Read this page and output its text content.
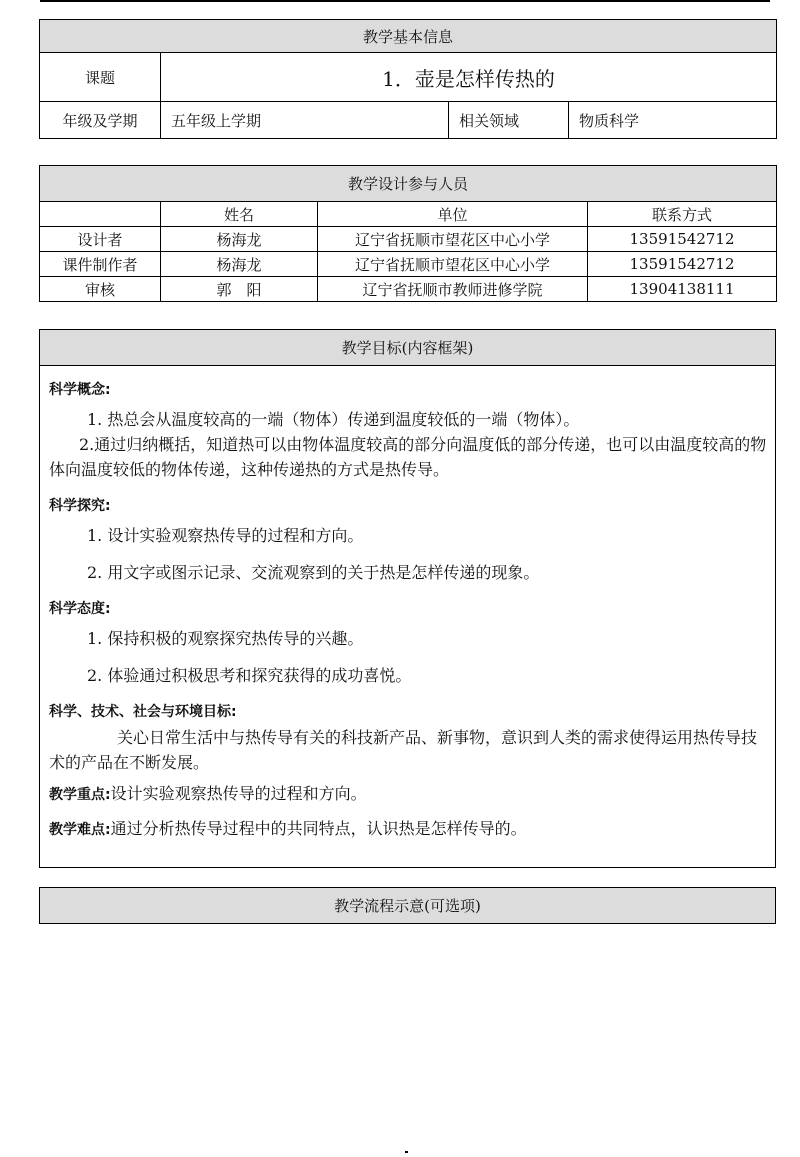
教学基本信息			
课题	1．壶是怎样传热的		
年级及学期	五年级上学期	相关领域	物质科学
教学设计参与人员			
	姓名	单位	联系方式
设计者	杨海龙	辽宁省抚顺市望花区中心小学	13591542712
课件制作者	杨海龙	辽宁省抚顺市望花区中心小学	13591542712
审核	郭　阳	辽宁省抚顺市教师进修学院	13904138111
教学目标(内容框架)

科学概念:
1. 热总会从温度较高的一端（物体）传递到温度较低的一端（物体）。
2.通过归纳概括，知道热可以由物体温度较高的部分向温度低的部分传递，也可以由温度较高的物体向温度较低的物体传递，这种传递热的方式是热传导。
科学探究:
1. 设计实验观察热传导的过程和方向。
2. 用文字或图示记录、交流观察到的关于热是怎样传递的现象。
科学态度:
1. 保持积极的观察探究热传导的兴趣。
2. 体验通过积极思考和探究获得的成功喜悦。
科学、技术、社会与环境目标:
关心日常生活中与热传导有关的科技新产品、新事物，意识到人类的需求使得运用热传导技术的产品在不断发展。
教学重点:设计实验观察热传导的过程和方向。
教学难点:通过分析热传导过程中的共同特点，认识热是怎样传导的。
教学流程示意(可选项)
